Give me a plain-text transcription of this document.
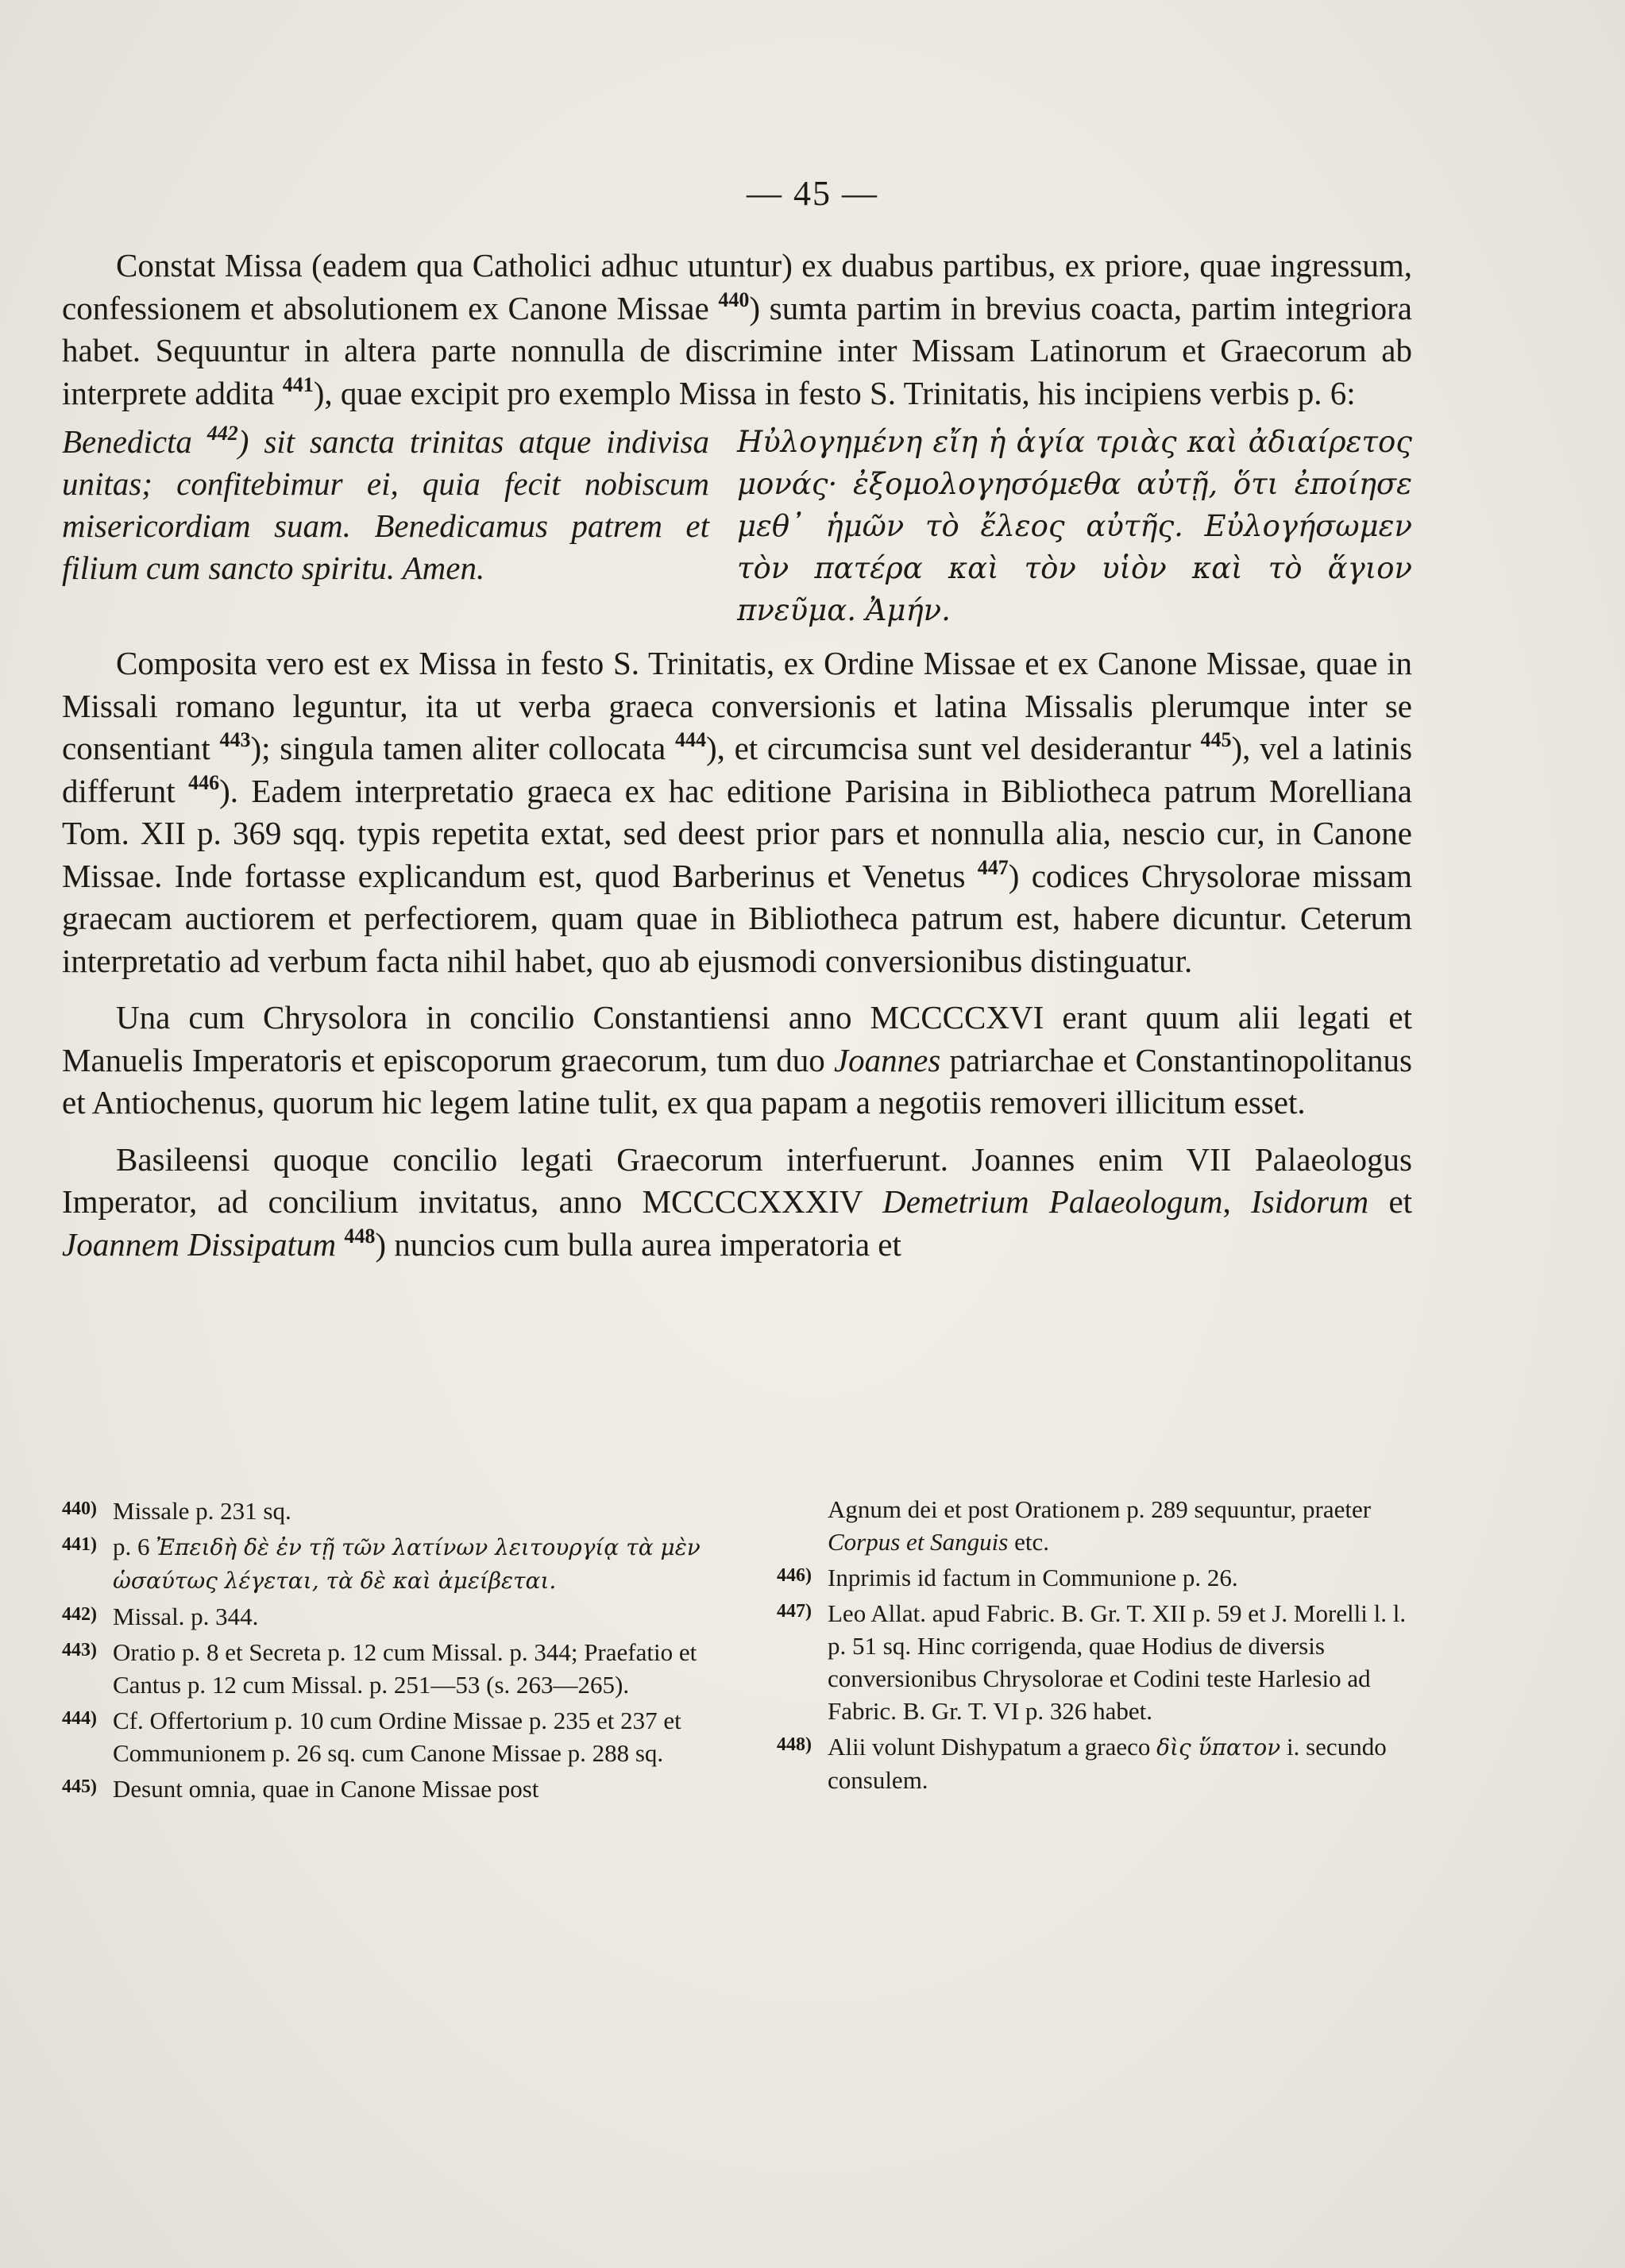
— 45 —

Constat Missa (eadem qua Catholici adhuc utuntur) ex duabus partibus, ex priore, quae ingressum, confessionem et absolutionem ex Canone Missae $^{440}$) sumta partim in brevius coacta, partim integriora habet. Sequuntur in altera parte nonnulla de discrimine inter Missam Latinorum et Graecorum ab interprete addita $^{441}$), quae excipit pro exemplo Missa in festo S. Trinitatis, his incipiens verbis p. 6:

Benedicta $^{442}$) sit sancta trinitas atque indivisa unitas; confitebimur ei, quia fecit nobiscum misericordiam suam. Benedicamus patrem et filium cum sancto spiritu. Amen.
Ηὐλογημένη εἴη ἡ ἁγία τριὰς καὶ ἀδιαίρετος μονάς· ἐξομολογησόμεθα αὐτῇ, ὅτι ἐποίησε μεθ᾽ ἡμῶν τὸ ἔλεος αὐτῆς. Εὐλογήσωμεν τὸν πατέρα καὶ τὸν υἱὸν καὶ τὸ ἅγιον πνεῦμα. Ἀμήν.

Composita vero est ex Missa in festo S. Trinitatis, ex Ordine Missae et ex Canone Missae, quae in Missali romano leguntur, ita ut verba graeca conversionis et latina Missalis plerumque inter se consentiant $^{443}$); singula tamen aliter collocata $^{444}$), et circumcisa sunt vel desiderantur $^{445}$), vel a latinis differunt $^{446}$). Eadem interpretatio graeca ex hac editione Parisina in Bibliotheca patrum Morelliana Tom. XII p. 369 sqq. typis repetita extat, sed deest prior pars et nonnulla alia, nescio cur, in Canone Missae. Inde fortasse explicandum est, quod Barberinus et Venetus $^{447}$) codices Chrysolorae missam graecam auctiorem et perfectiorem, quam quae in Bibliotheca patrum est, habere dicuntur. Ceterum interpretatio ad verbum facta nihil habet, quo ab ejusmodi conversionibus distinguatur.

Una cum Chrysolora in concilio Constantiensi anno MCCCCXVI erant quum alii legati et Manuelis Imperatoris et episcoporum graecorum, tum duo Joannes patriarchae et Constantinopolitanus et Antiochenus, quorum hic legem latine tulit, ex qua papam a negotiis removeri illicitum esset.

Basileensi quoque concilio legati Graecorum interfuerunt. Joannes enim VII Palaeologus Imperator, ad concilium invitatus, anno MCCCCXXXIV Demetrium Palaeologum, Isidorum et Joannem Dissipatum $^{448}$) nuncios cum bulla aurea imperatoria et

440) Missale p. 231 sq.

441) p. 6 Ἐπειδὴ δὲ ἐν τῇ τῶν λατίνων λειτουργίᾳ τὰ μὲν ὡσαύτως λέγεται, τὰ δὲ καὶ ἀμείβεται.

442) Missal. p. 344.

443) Oratio p. 8 et Secreta p. 12 cum Missal. p. 344; Praefatio et Cantus p. 12 cum Missal. p. 251—53 (s. 263—265).

444) Cf. Offertorium p. 10 cum Ordine Missae p. 235 et 237 et Communionem p. 26 sq. cum Canone Missae p. 288 sq.

445) Desunt omnia, quae in Canone Missae post

Agnum dei et post Orationem p. 289 sequuntur, praeter Corpus et Sanguis etc.

446) Inprimis id factum in Communione p. 26.

447) Leo Allat. apud Fabric. B. Gr. T. XII p. 59 et J. Morelli l. l. p. 51 sq. Hinc corrigenda, quae Hodius de diversis conversionibus Chrysolorae et Codini teste Harlesio ad Fabric. B. Gr. T. VI p. 326 habet.

448) Alii volunt Dishypatum a graeco δὶς ὕπατον i. secundo consulem.
